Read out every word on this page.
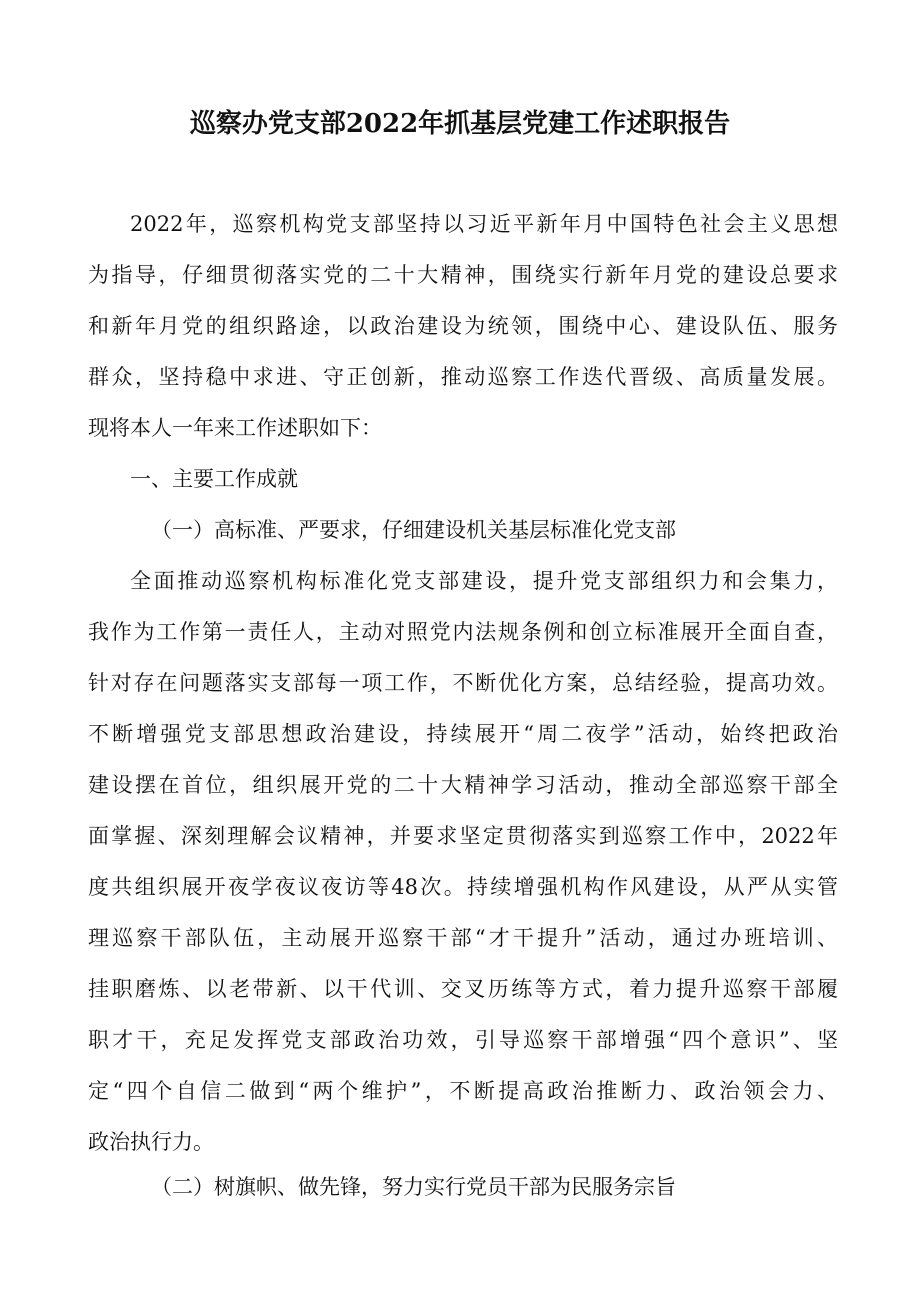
巡察办党支部2022年抓基层党建工作述职报告
2022年，巡察机构党支部坚持以习近平新年月中国特色社会主义思想
为指导，仔细贯彻落实党的二十大精神，围绕实行新年月党的建设总要求
和新年月党的组织路途，以政治建设为统领，围绕中心、建设队伍、服务
群众，坚持稳中求进、守正创新，推动巡察工作迭代晋级、高质量发展。
现将本人一年来工作述职如下：
一、主要工作成就
（一）高标准、严要求，仔细建设机关基层标准化党支部
全面推动巡察机构标准化党支部建设，提升党支部组织力和会集力，
我作为工作第一责任人，主动对照党内法规条例和创立标准展开全面自查，
针对存在问题落实支部每一项工作，不断优化方案，总结经验，提高功效。
不断增强党支部思想政治建设，持续展开“周二夜学”活动，始终把政治
建设摆在首位，组织展开党的二十大精神学习活动，推动全部巡察干部全
面掌握、深刻理解会议精神，并要求坚定贯彻落实到巡察工作中，2022年
度共组织展开夜学夜议夜访等48次。持续增强机构作风建设，从严从实管
理巡察干部队伍，主动展开巡察干部“才干提升”活动，通过办班培训、
挂职磨炼、以老带新、以干代训、交叉历练等方式，着力提升巡察干部履
职才干，充足发挥党支部政治功效，引导巡察干部增强“四个意识”、坚
定“四个自信二做到“两个维护”，不断提高政治推断力、政治领会力、
政治执行力。
（二）树旗帜、做先锋，努力实行党员干部为民服务宗旨
